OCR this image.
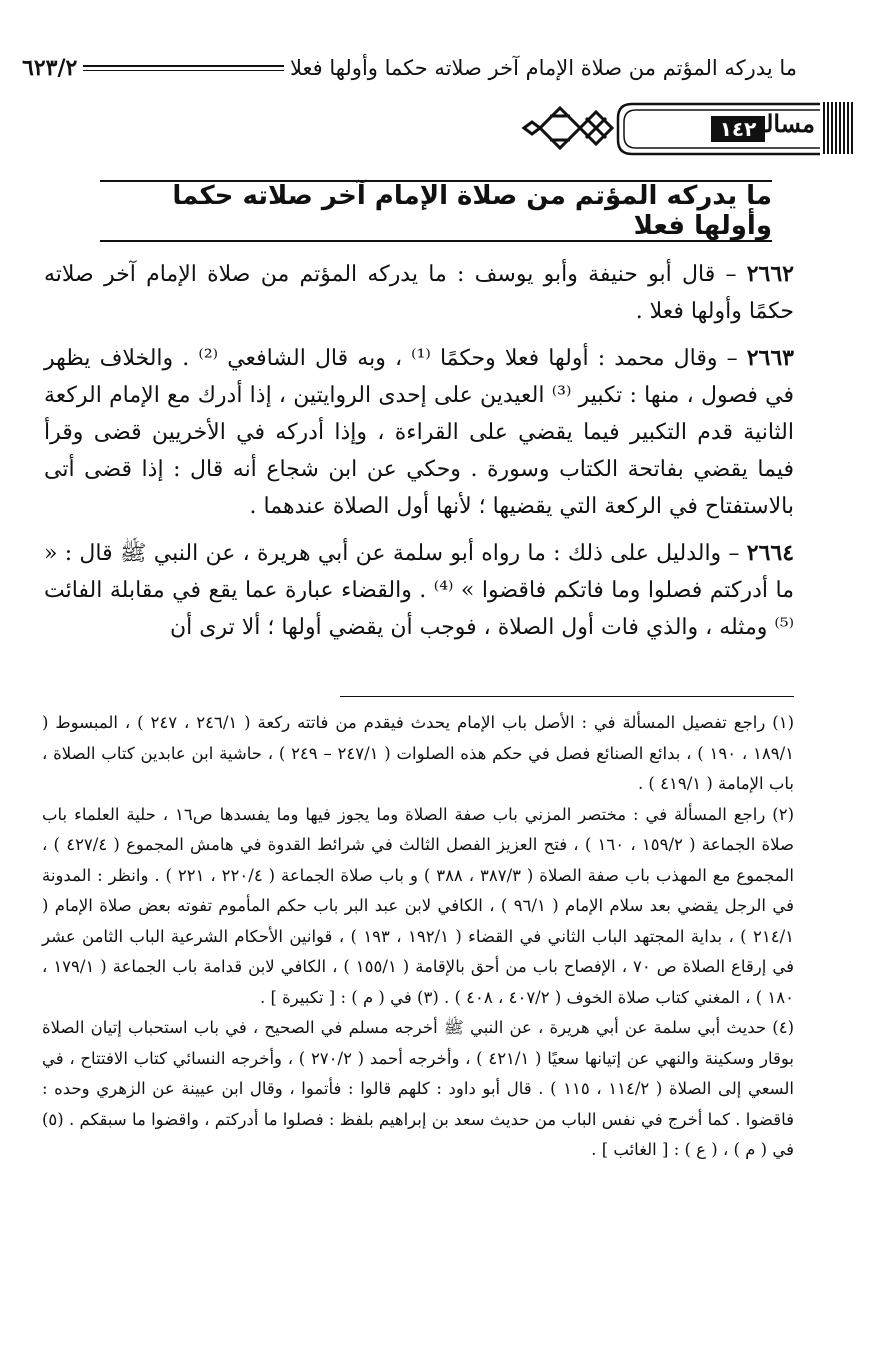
ما يدركه المؤتم من صلاة الإمام آخر صلاته حكما وأولها فعلا
٦٢٣/٢
١٤٢
مسالة
ما يدركه المؤتم من صلاة الإمام آخر صلاته حكما وأولها فعلا

٢٦٦٢ – قال أبو حنيفة وأبو يوسف : ما يدركه المؤتم من صلاة الإمام آخر صلاته حكمًا وأولها فعلا .

٢٦٦٣ – وقال محمد : أولها فعلا وحكمًا ⁽¹⁾ ، وبه قال الشافعي ⁽²⁾ . والخلاف يظهر في فصول ، منها : تكبير ⁽³⁾ العيدين على إحدى الروايتين ، إذا أدرك مع الإمام الركعة الثانية قدم التكبير فيما يقضي على القراءة ، وإذا أدركه في الأخريين قضى وقرأ فيما يقضي بفاتحة الكتاب وسورة . وحكي عن ابن شجاع أنه قال : إذا قضى أتى بالاستفتاح في الركعة التي يقضيها ؛ لأنها أول الصلاة عندهما .

٢٦٦٤ – والدليل على ذلك : ما رواه أبو سلمة عن أبي هريرة ، عن النبي ﷺ قال : « ما أدركتم فصلوا وما فاتكم فاقضوا » ⁽⁴⁾ . والقضاء عبارة عما يقع في مقابلة الفائت ⁽⁵⁾ ومثله ، والذي فات أول الصلاة ، فوجب أن يقضي أولها ؛ ألا ترى أن

(١) راجع تفصيل المسألة في : الأصل باب الإمام يحدث فيقدم من فاتته ركعة ( ٢٤٦/١ ، ٢٤٧ ) ، المبسوط ( ١٨٩/١ ، ١٩٠ ) ، بدائع الصنائع فصل في حكم هذه الصلوات ( ٢٤٧/١ – ٢٤٩ ) ، حاشية ابن عابدين كتاب الصلاة ، باب الإمامة ( ٤١٩/١ ) .

(٢) راجع المسألة في : مختصر المزني باب صفة الصلاة وما يجوز فيها وما يفسدها ص١٦ ، حلية العلماء باب صلاة الجماعة ( ١٥٩/٢ ، ١٦٠ ) ، فتح العزيز الفصل الثالث في شرائط القدوة في هامش المجموع ( ٤٢٧/٤ ) ، المجموع مع المهذب باب صفة الصلاة ( ٣٨٧/٣ ، ٣٨٨ ) و باب صلاة الجماعة ( ٢٢٠/٤ ، ٢٢١ ) . وانظر : المدونة في الرجل يقضي بعد سلام الإمام ( ٩٦/١ ) ، الكافي لابن عبد البر باب حكم المأموم تفوته بعض صلاة الإمام ( ٢١٤/١ ) ، بداية المجتهد الباب الثاني في القضاء ( ١٩٢/١ ، ١٩٣ ) ، قوانين الأحكام الشرعية الباب الثامن عشر في إرقاع الصلاة ص ٧٠ ، الإفصاح باب من أحق بالإقامة ( ١٥٥/١ ) ، الكافي لابن قدامة باب الجماعة ( ١٧٩/١ ، ١٨٠ ) ، المغني كتاب صلاة الخوف ( ٤٠٧/٢ ، ٤٠٨ ) . (٣) في ( م ) : [ تكبيرة ] .

(٤) حديث أبي سلمة عن أبي هريرة ، عن النبي ﷺ أخرجه مسلم في الصحيح ، في باب استحباب إتيان الصلاة بوقار وسكينة والنهي عن إتيانها سعيًا ( ٤٢١/١ ) ، وأخرجه أحمد ( ٢٧٠/٢ ) ، وأخرجه النسائي كتاب الافتتاح ، في السعي إلى الصلاة ( ١١٤/٢ ، ١١٥ ) . قال أبو داود : كلهم قالوا : فأتموا ، وقال ابن عيينة عن الزهري وحده : فاقضوا . كما أخرج في نفس الباب من حديث سعد بن إبراهيم بلفظ : فصلوا ما أدركتم ، واقضوا ما سبقكم . (٥) في ( م ) ، ( ع ) : [ الغائب ] .
